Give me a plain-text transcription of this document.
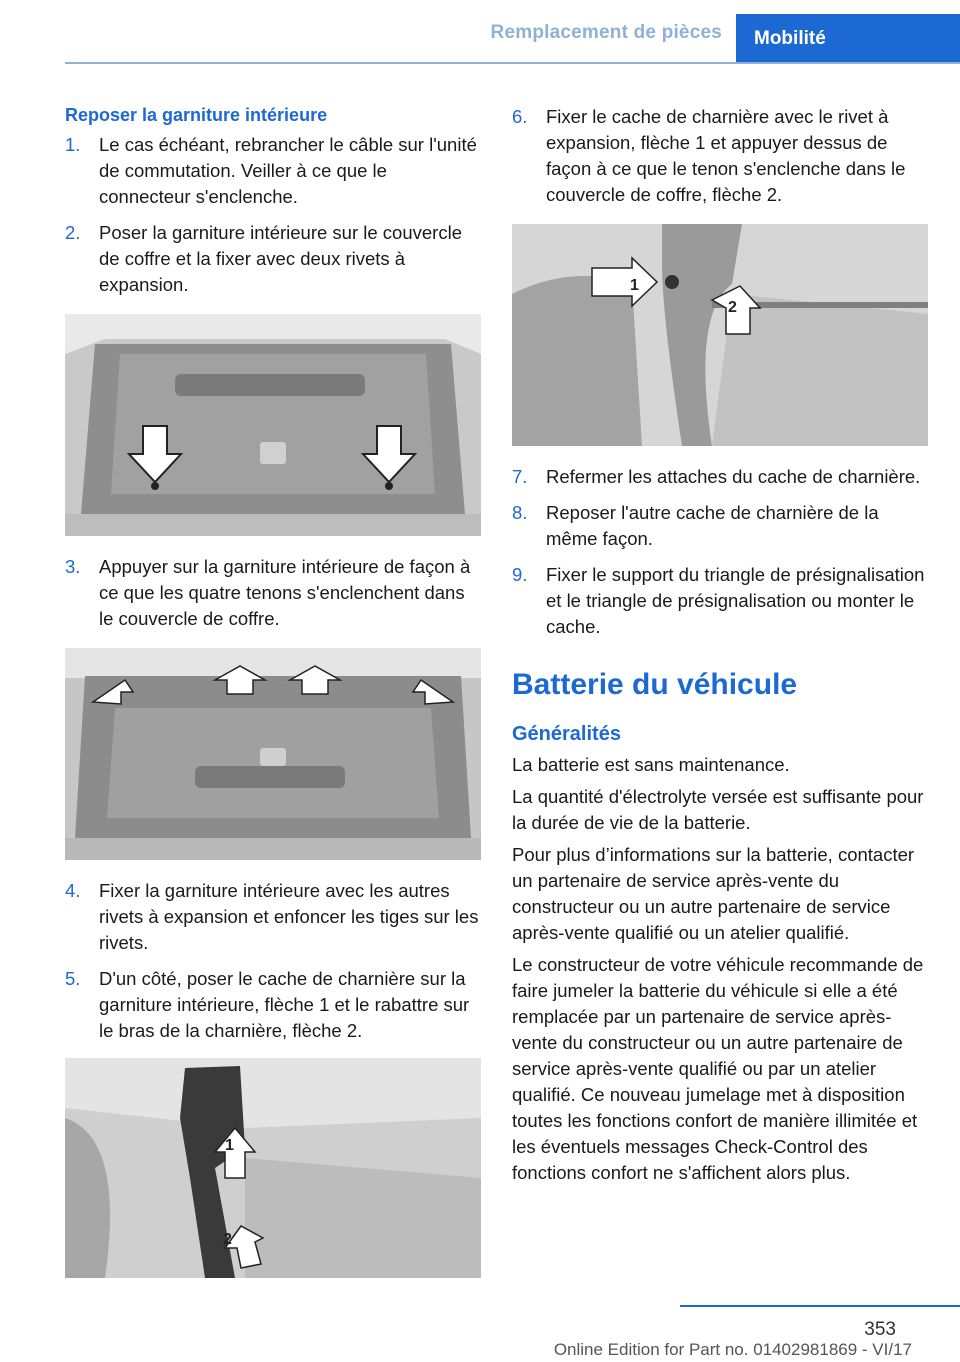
Remplacement de pièces	Mobilité
Reposer la garniture intérieure
1.	Le cas échéant, rebrancher le câble sur l'unité de commutation. Veiller à ce que le connecteur s'enclenche.
2.	Poser la garniture intérieure sur le couvercle de coffre et la fixer avec deux rivets à expansion.
3.	Appuyer sur la garniture intérieure de façon à ce que les quatre tenons s'enclenchent dans le couvercle de coffre.
4.	Fixer la garniture intérieure avec les autres rivets à expansion et enfoncer les tiges sur les rivets.
5.	D'un côté, poser le cache de charnière sur la garniture intérieure, flèche 1 et le rabattre sur le bras de la charnière, flèche 2.
1
2
6.	Fixer le cache de charnière avec le rivet à expansion, flèche 1 et appuyer dessus de façon à ce que le tenon s'enclenche dans le couvercle de coffre, flèche 2.
1
2
7.	Refermer les attaches du cache de charnière.
8.	Reposer l'autre cache de charnière de la même façon.
9.	Fixer le support du triangle de présignalisation et le triangle de présignalisation ou monter le cache.
Batterie du véhicule
Généralités

La batterie est sans maintenance.

La quantité d'électrolyte versée est suffisante pour la durée de vie de la batterie.

Pour plus d’informations sur la batterie, contacter un partenaire de service après-vente du constructeur ou un autre partenaire de service après-vente qualifié ou un atelier qualifié.

Le constructeur de votre véhicule recommande de faire jumeler la batterie du véhicule si elle a été remplacée par un partenaire de service après-vente du constructeur ou un autre partenaire de service après-vente qualifié ou par un atelier qualifié. Ce nouveau jumelage met à disposition toutes les fonctions confort de manière illimitée et les éventuels messages Check-Control des fonctions confort ne s'affichent alors plus.

353
Online Edition for Part no. 01402981869 - VI/17
